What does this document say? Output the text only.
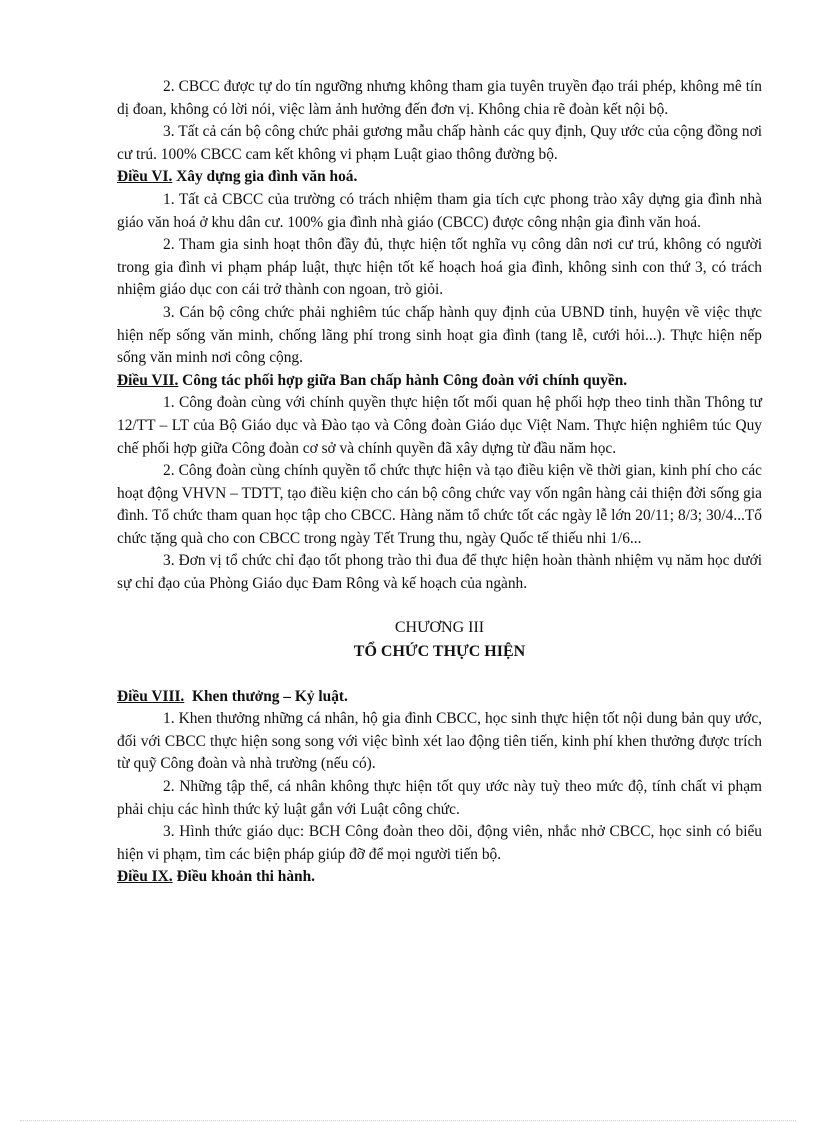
2. CBCC được tự do tín ngưỡng nhưng không tham gia tuyên truyền đạo trái phép, không mê tín dị đoan, không có lời nói, việc làm ảnh hưởng đến đơn vị. Không chia rẽ đoàn kết nội bộ.

3. Tất cả cán bộ công chức phải gương mẫu chấp hành các quy định, Quy ước của cộng đồng nơi cư trú. 100% CBCC cam kết không vi phạm Luật giao thông đường bộ.

Điều VI. Xây dựng gia đình văn hoá.

1. Tất cả CBCC của trường có trách nhiệm tham gia tích cực phong trào xây dựng gia đình nhà giáo văn hoá ở khu dân cư. 100% gia đình nhà giáo (CBCC) được công nhận gia đình văn hoá.

2. Tham gia sinh hoạt thôn đầy đủ, thực hiện tốt nghĩa vụ công dân nơi cư trú, không có người trong gia đình vi phạm pháp luật, thực hiện tốt kế hoạch hoá gia đình, không sinh con thứ 3, có trách nhiệm giáo dục con cái trở thành con ngoan, trò giỏi.

3. Cán bộ công chức phải nghiêm túc chấp hành quy định của UBND tỉnh, huyện về việc thực hiện nếp sống văn minh, chống lãng phí trong sinh hoạt gia đình (tang lễ, cưới hỏi...). Thực hiện nếp sống văn minh nơi công cộng.

Điều VII. Công tác phối hợp giữa Ban chấp hành Công đoàn với chính quyền.

1. Công đoàn cùng với chính quyền thực hiện tốt mối quan hệ phối hợp theo tinh thần Thông tư 12/TT – LT của Bộ Giáo dục và Đào tạo và Công đoàn Giáo dục Việt Nam. Thực hiện nghiêm túc Quy chế phối hợp giữa Công đoàn cơ sở và chính quyền đã xây dựng từ đầu năm học.

2. Công đoàn cùng chính quyền tổ chức thực hiện và tạo điều kiện về thời gian, kinh phí cho các hoạt động VHVN – TDTT, tạo điều kiện cho cán bộ công chức vay vốn ngân hàng cải thiện đời sống gia đình. Tổ chức tham quan học tập cho CBCC. Hàng năm tổ chức tốt các ngày lễ lớn 20/11; 8/3; 30/4...Tổ chức tặng quà cho con CBCC trong ngày Tết Trung thu, ngày Quốc tế thiếu nhi 1/6...

3. Đơn vị tổ chức chỉ đạo tốt phong trào thi đua để thực hiện hoàn thành nhiệm vụ năm học dưới sự chỉ đạo của Phòng Giáo dục Đam Rông và kế hoạch của ngành.

CHƯƠNG III

TỔ CHỨC THỰC HIỆN

Điều VIII.  Khen thưởng – Kỷ luật.

1. Khen thưởng những cá nhân, hộ gia đình CBCC, học sinh thực hiện tốt nội dung bản quy ước, đối với CBCC thực hiện song song với việc bình xét lao động tiên tiến, kinh phí khen thưởng được trích từ quỹ Công đoàn và nhà trường (nếu có).

2. Những tập thể, cá nhân không thực hiện tốt quy ước này tuỳ theo mức độ, tính chất vi phạm phải chịu các hình thức kỷ luật gắn với Luật công chức.

3. Hình thức giáo dục: BCH Công đoàn theo dõi, động viên, nhắc nhở CBCC, học sinh có biểu hiện vi phạm, tìm các biện pháp giúp đỡ để mọi người tiến bộ.

Điều IX. Điều khoản thi hành.
